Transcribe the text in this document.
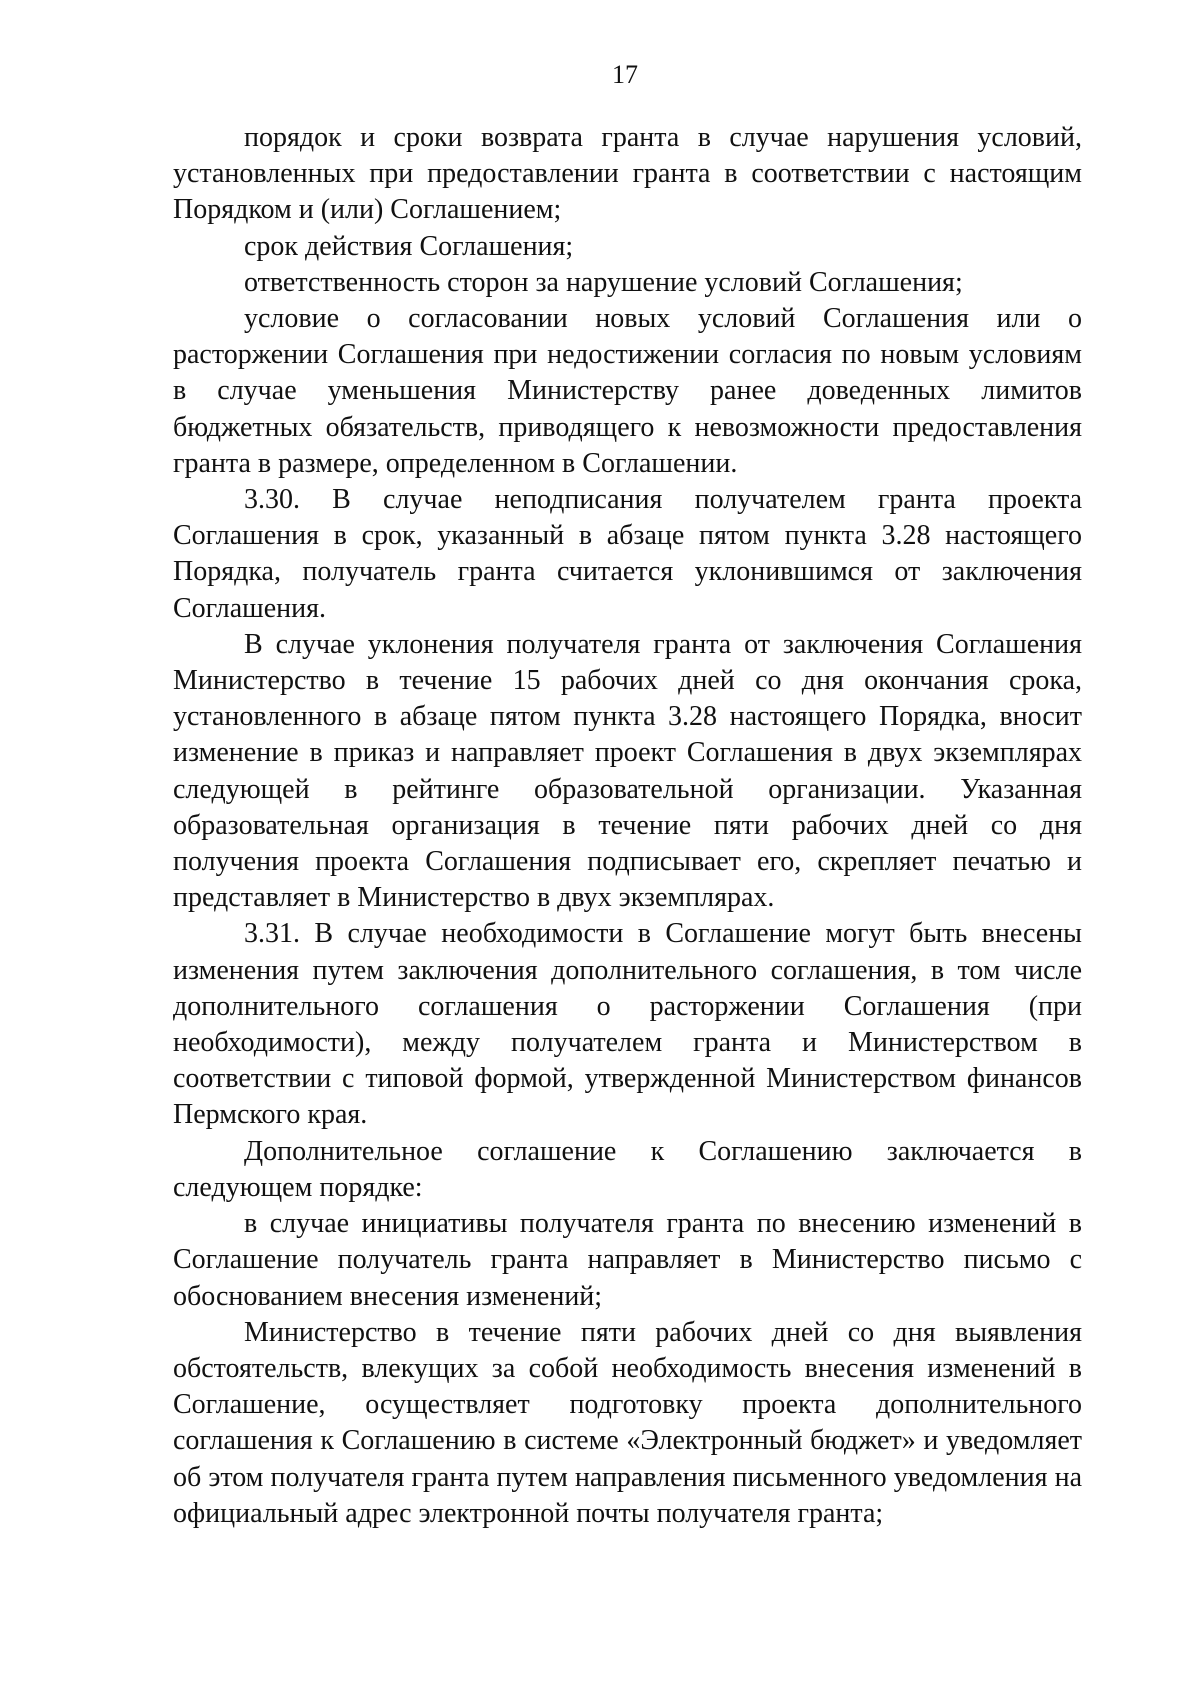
17

порядок и сроки возврата гранта в случае нарушения условий, установленных при предоставлении гранта в соответствии с настоящим Порядком и (или) Соглашением;

срок действия Соглашения;

ответственность сторон за нарушение условий Соглашения;

условие о согласовании новых условий Соглашения или о расторжении Соглашения при недостижении согласия по новым условиям в случае уменьшения Министерству ранее доведенных лимитов бюджетных обязательств, приводящего к невозможности предоставления гранта в размере, определенном в Соглашении.

3.30. В случае неподписания получателем гранта проекта Соглашения в срок, указанный в абзаце пятом пункта 3.28 настоящего Порядка, получатель гранта считается уклонившимся от заключения Соглашения.

В случае уклонения получателя гранта от заключения Соглашения Министерство в течение 15 рабочих дней со дня окончания срока, установленного в абзаце пятом пункта 3.28 настоящего Порядка, вносит изменение в приказ и направляет проект Соглашения в двух экземплярах следующей в рейтинге образовательной организации. Указанная образовательная организация в течение пяти рабочих дней со дня получения проекта Соглашения подписывает его, скрепляет печатью и представляет в Министерство в двух экземплярах.

3.31. В случае необходимости в Соглашение могут быть внесены изменения путем заключения дополнительного соглашения, в том числе дополнительного соглашения о расторжении Соглашения (при необходимости), между получателем гранта и Министерством в соответствии с типовой формой, утвержденной Министерством финансов Пермского края.

Дополнительное соглашение к Соглашению заключается в следующем порядке:

в случае инициативы получателя гранта по внесению изменений в Соглашение получатель гранта направляет в Министерство письмо с обоснованием внесения изменений;

Министерство в течение пяти рабочих дней со дня выявления обстоятельств, влекущих за собой необходимость внесения изменений в Соглашение, осуществляет подготовку проекта дополнительного соглашения к Соглашению в системе «Электронный бюджет» и уведомляет об этом получателя гранта путем направления письменного уведомления на официальный адрес электронной почты получателя гранта;
